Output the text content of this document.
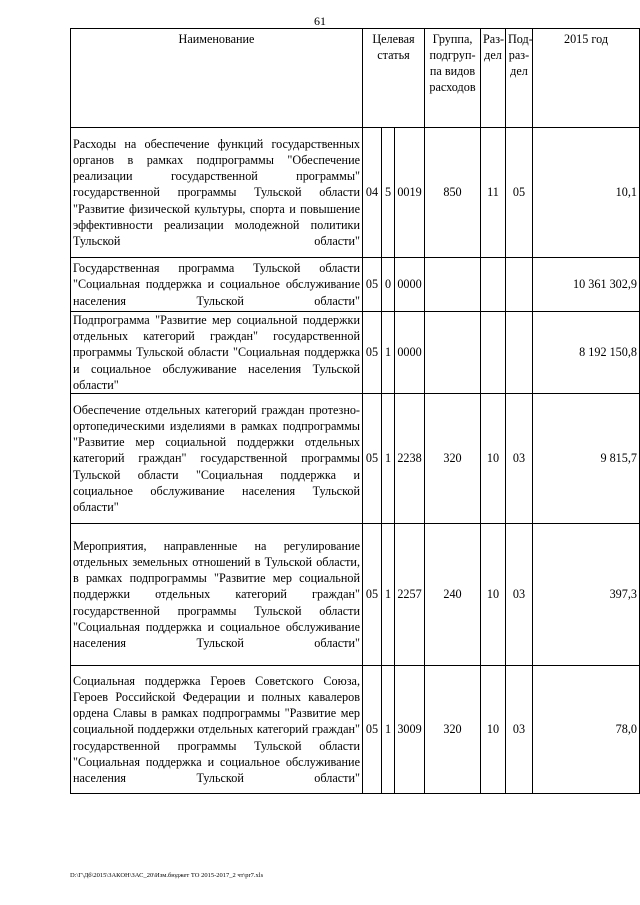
61
Наименование	Целевая статья			Группа, подгруп-па видов расходов	Раз-дел	Под-раз-дел	2015 год
Расходы на обеспечение функций государственных органов в рамках подпрограммы "Обеспечение реализации государственной программы" государственной программы Тульской области "Развитие физической культуры, спорта и повышение эффективности реализации молодежной политики Тульской области"	04	5	0019	850	11	05	10,1
Государственная программа Тульской области "Социальная поддержка и социальное обслуживание населения Тульской области"	05	0	0000				10 361 302,9
Подпрограмма "Развитие мер социальной поддержки отдельных категорий граждан" государственной программы Тульской области "Социальная поддержка и социальное обслуживание населения Тульской области"	05	1	0000				8 192 150,8
Обеспечение отдельных категорий граждан протезно-ортопедическими изделиями в рамках подпрограммы "Развитие мер социальной поддержки отдельных категорий граждан" государственной программы Тульской области "Социальная поддержка и социальное обслуживание населения Тульской области"	05	1	2238	320	10	03	9 815,7
Мероприятия, направленные на регулирование отдельных земельных отношений в Тульской области, в рамках подпрограммы "Развитие мер социальной поддержки отдельных категорий граждан" государственной программы Тульской области "Социальная поддержка и социальное обслуживание населения Тульской области"	05	1	2257	240	10	03	397,3
Социальная поддержка Героев Советского Союза, Героев Российской Федерации и полных кавалеров ордена Славы в рамках подпрограммы "Развитие мер социальной поддержки отдельных категорий граждан" государственной программы Тульской области "Социальная поддержка и социальное обслуживание населения Тульской области"	05	1	3009	320	10	03	78,0
D:\Г\Дб\2015\ЗАКОН\ЗАС_20\Изм.бюджет ТО 2015-2017_2 чт\pr7.xls
